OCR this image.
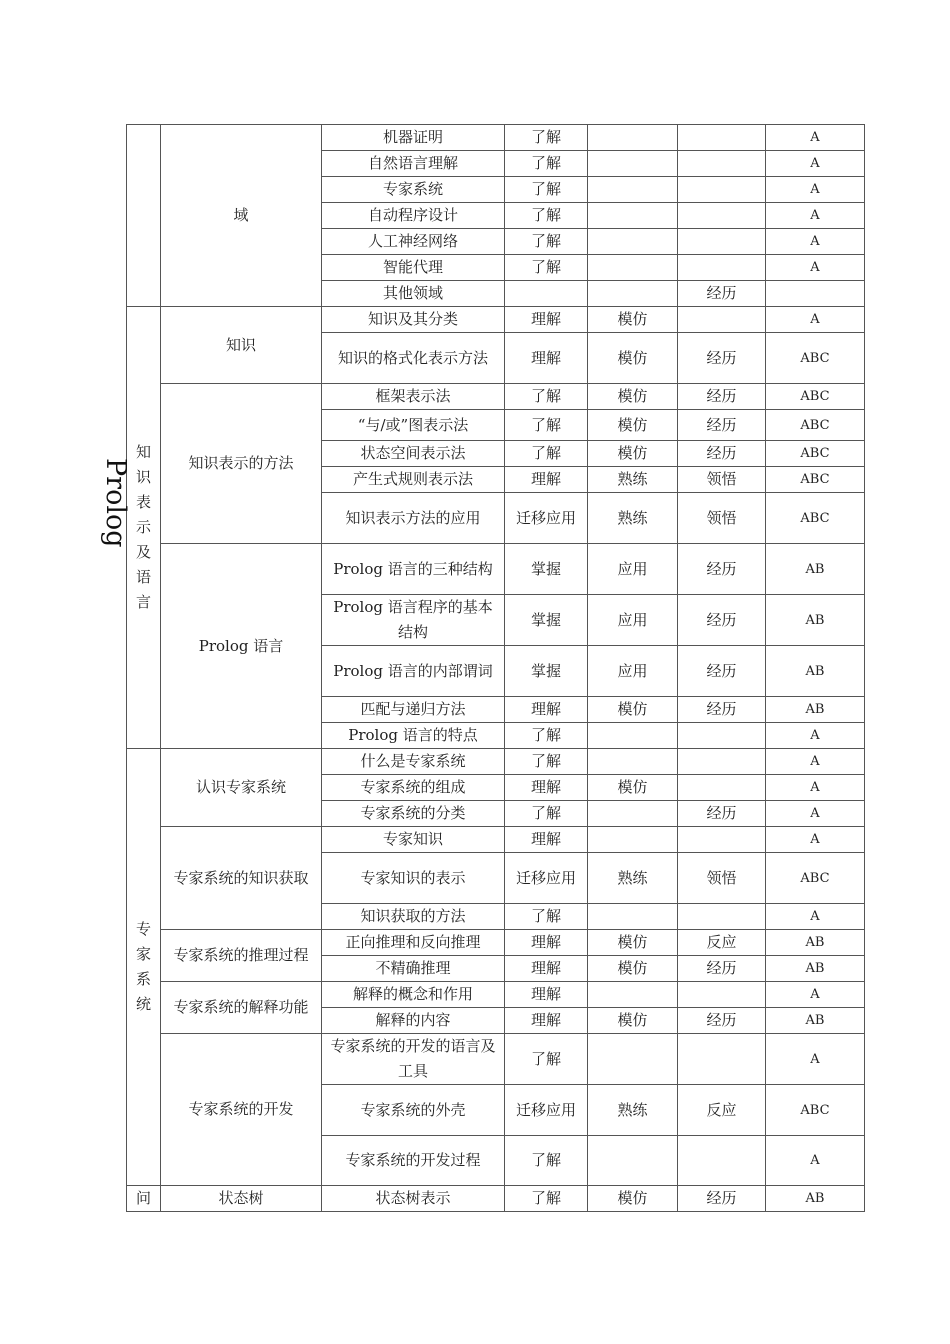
	域	机器证明	了解			A
		自然语言理解	了解			A
		专家系统	了解			A
		自动程序设计	了解			A
		人工神经网络	了解			A
		智能代理	了解			A
		其他领域			经历	
知识表示及语言	知识	知识及其分类	理解	模仿		A
		知识的格式化表示方法	理解	模仿	经历	ABC
	知识表示的方法	框架表示法	了解	模仿	经历	ABC
		“与/或”图表示法	了解	模仿	经历	ABC
		状态空间表示法	了解	模仿	经历	ABC
		产生式规则表示法	理解	熟练	领悟	ABC
		知识表示方法的应用	迁移应用	熟练	领悟	ABC
	Prolog 语言	Prolog 语言的三种结构	掌握	应用	经历	AB
		Prolog 语言程序的基本结构	掌握	应用	经历	AB
		Prolog 语言的内部谓词	掌握	应用	经历	AB
		匹配与递归方法	理解	模仿	经历	AB
		Prolog 语言的特点	了解			A
专家系统	认识专家系统	什么是专家系统	了解			A
		专家系统的组成	理解	模仿		A
		专家系统的分类	了解		经历	A
	专家系统的知识获取	专家知识	理解			A
		专家知识的表示	迁移应用	熟练	领悟	ABC
		知识获取的方法	了解			A
	专家系统的推理过程	正向推理和反向推理	理解	模仿	反应	AB
		不精确推理	理解	模仿	经历	AB
	专家系统的解释功能	解释的概念和作用	理解			A
		解释的内容	理解	模仿	经历	AB
	专家系统的开发	专家系统的开发的语言及工具	了解			A
		专家系统的外壳	迁移应用	熟练	反应	ABC
		专家系统的开发过程	了解			A
问	状态树	状态树表示	了解	模仿	经历	AB
Prolog
